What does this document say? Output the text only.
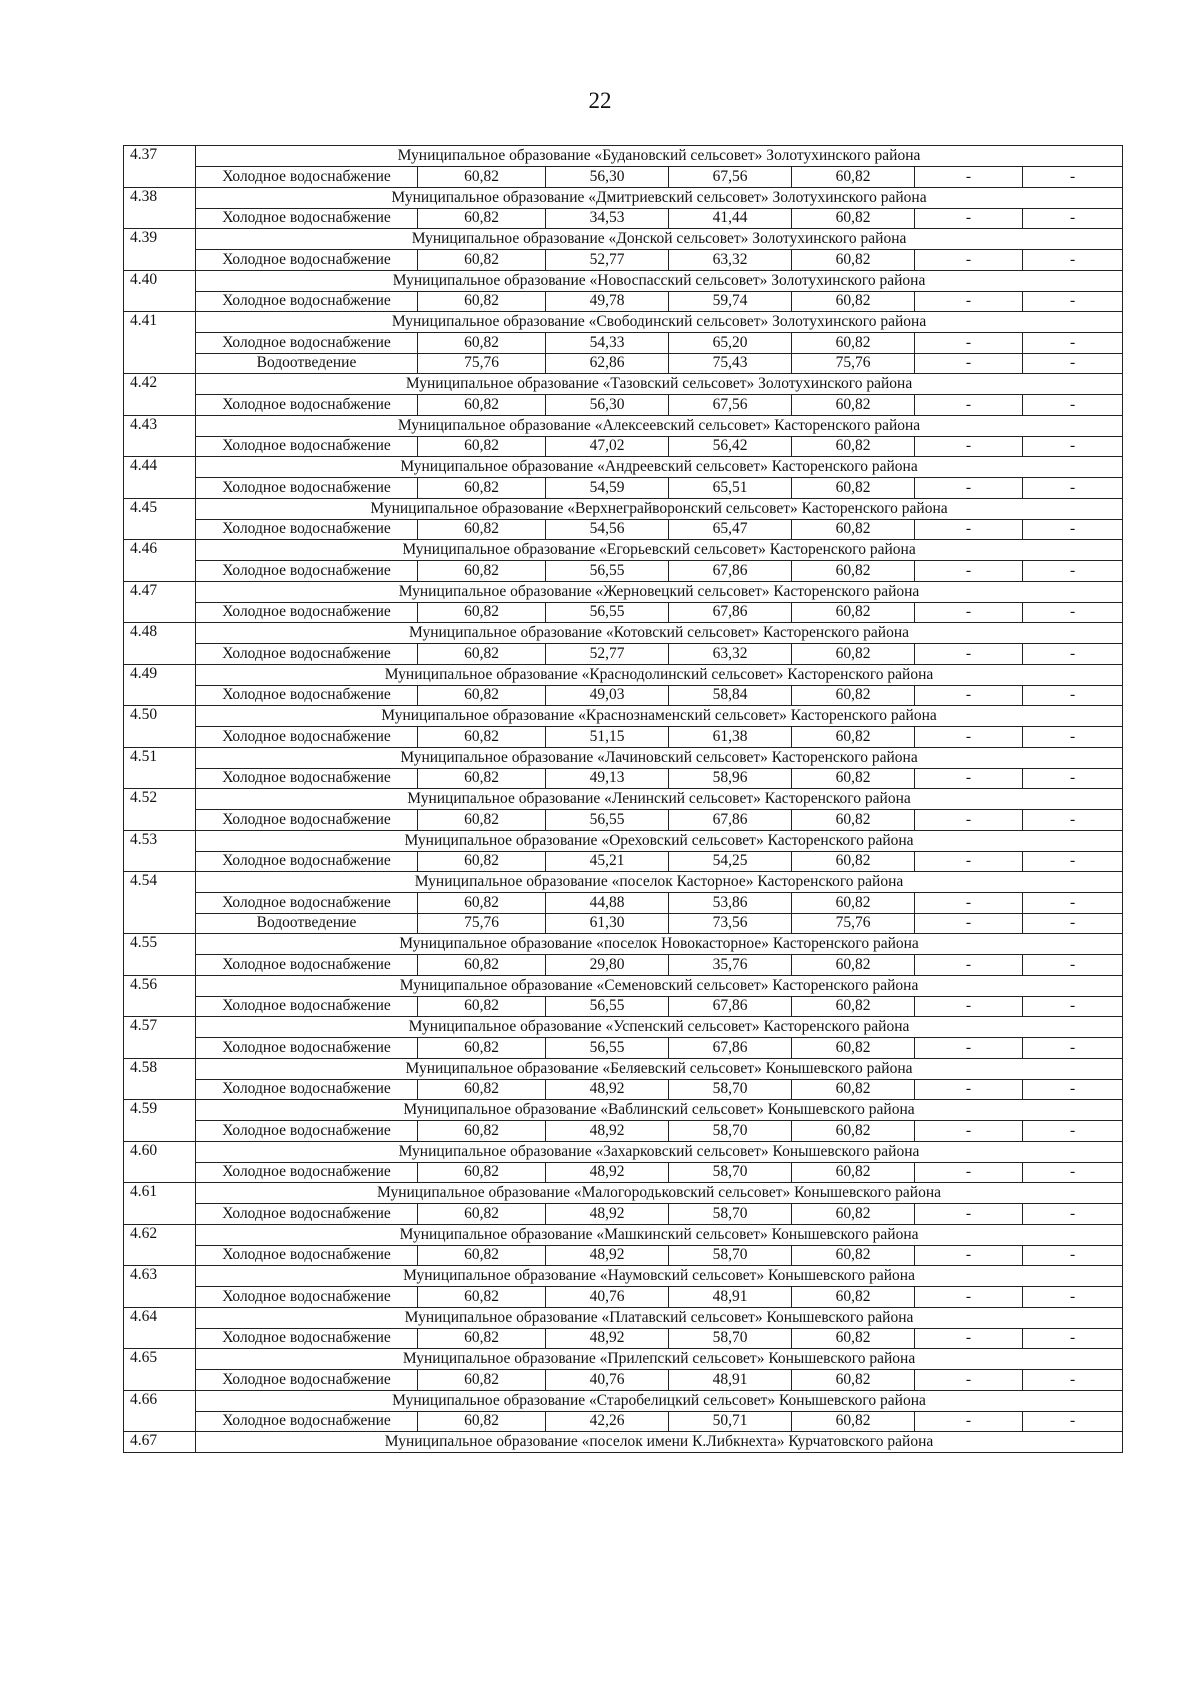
22
4.37	Муниципальное образование «Будановский сельсовет» Золотухинского района						
	Холодное водоснабжение	60,82	56,30	67,56	60,82	-	-
4.38	Муниципальное образование «Дмитриевский сельсовет» Золотухинского района						
	Холодное водоснабжение	60,82	34,53	41,44	60,82	-	-
4.39	Муниципальное образование «Донской сельсовет» Золотухинского района						
	Холодное водоснабжение	60,82	52,77	63,32	60,82	-	-
4.40	Муниципальное образование «Новоспасский сельсовет» Золотухинского района						
	Холодное водоснабжение	60,82	49,78	59,74	60,82	-	-
4.41	Муниципальное образование «Свободинский сельсовет» Золотухинского района						
	Холодное водоснабжение	60,82	54,33	65,20	60,82	-	-
	Водоотведение	75,76	62,86	75,43	75,76	-	-
4.42	Муниципальное образование «Тазовский сельсовет» Золотухинского района						
	Холодное водоснабжение	60,82	56,30	67,56	60,82	-	-
4.43	Муниципальное образование «Алексеевский сельсовет» Касторенского района						
	Холодное водоснабжение	60,82	47,02	56,42	60,82	-	-
4.44	Муниципальное образование «Андреевский сельсовет» Касторенского района						
	Холодное водоснабжение	60,82	54,59	65,51	60,82	-	-
4.45	Муниципальное образование «Верхнеграйворонский сельсовет» Касторенского района						
	Холодное водоснабжение	60,82	54,56	65,47	60,82	-	-
4.46	Муниципальное образование «Егорьевский сельсовет» Касторенского района						
	Холодное водоснабжение	60,82	56,55	67,86	60,82	-	-
4.47	Муниципальное образование «Жерновецкий сельсовет» Касторенского района						
	Холодное водоснабжение	60,82	56,55	67,86	60,82	-	-
4.48	Муниципальное образование «Котовский сельсовет» Касторенского района						
	Холодное водоснабжение	60,82	52,77	63,32	60,82	-	-
4.49	Муниципальное образование «Краснодолинский сельсовет» Касторенского района						
	Холодное водоснабжение	60,82	49,03	58,84	60,82	-	-
4.50	Муниципальное образование «Краснознаменский сельсовет» Касторенского района						
	Холодное водоснабжение	60,82	51,15	61,38	60,82	-	-
4.51	Муниципальное образование «Лачиновский сельсовет» Касторенского района						
	Холодное водоснабжение	60,82	49,13	58,96	60,82	-	-
4.52	Муниципальное образование «Ленинский сельсовет» Касторенского района						
	Холодное водоснабжение	60,82	56,55	67,86	60,82	-	-
4.53	Муниципальное образование «Ореховский сельсовет» Касторенского района						
	Холодное водоснабжение	60,82	45,21	54,25	60,82	-	-
4.54	Муниципальное образование «поселок Касторное» Касторенского района						
	Холодное водоснабжение	60,82	44,88	53,86	60,82	-	-
	Водоотведение	75,76	61,30	73,56	75,76	-	-
4.55	Муниципальное образование «поселок Новокасторное» Касторенского района						
	Холодное водоснабжение	60,82	29,80	35,76	60,82	-	-
4.56	Муниципальное образование «Семеновский сельсовет» Касторенского района						
	Холодное водоснабжение	60,82	56,55	67,86	60,82	-	-
4.57	Муниципальное образование «Успенский сельсовет» Касторенского района						
	Холодное водоснабжение	60,82	56,55	67,86	60,82	-	-
4.58	Муниципальное образование «Беляевский сельсовет» Конышевского района						
	Холодное водоснабжение	60,82	48,92	58,70	60,82	-	-
4.59	Муниципальное образование «Ваблинский сельсовет» Конышевского района						
	Холодное водоснабжение	60,82	48,92	58,70	60,82	-	-
4.60	Муниципальное образование «Захарковский сельсовет» Конышевского района						
	Холодное водоснабжение	60,82	48,92	58,70	60,82	-	-
4.61	Муниципальное образование «Малогородьковский сельсовет» Конышевского района						
	Холодное водоснабжение	60,82	48,92	58,70	60,82	-	-
4.62	Муниципальное образование «Машкинский сельсовет» Конышевского района						
	Холодное водоснабжение	60,82	48,92	58,70	60,82	-	-
4.63	Муниципальное образование «Наумовский сельсовет» Конышевского района						
	Холодное водоснабжение	60,82	40,76	48,91	60,82	-	-
4.64	Муниципальное образование «Платавский сельсовет» Конышевского района						
	Холодное водоснабжение	60,82	48,92	58,70	60,82	-	-
4.65	Муниципальное образование «Прилепский сельсовет» Конышевского района						
	Холодное водоснабжение	60,82	40,76	48,91	60,82	-	-
4.66	Муниципальное образование «Старобелицкий сельсовет» Конышевского района						
	Холодное водоснабжение	60,82	42,26	50,71	60,82	-	-
4.67	Муниципальное образование «поселок имени К.Либкнехта» Курчатовского района						
